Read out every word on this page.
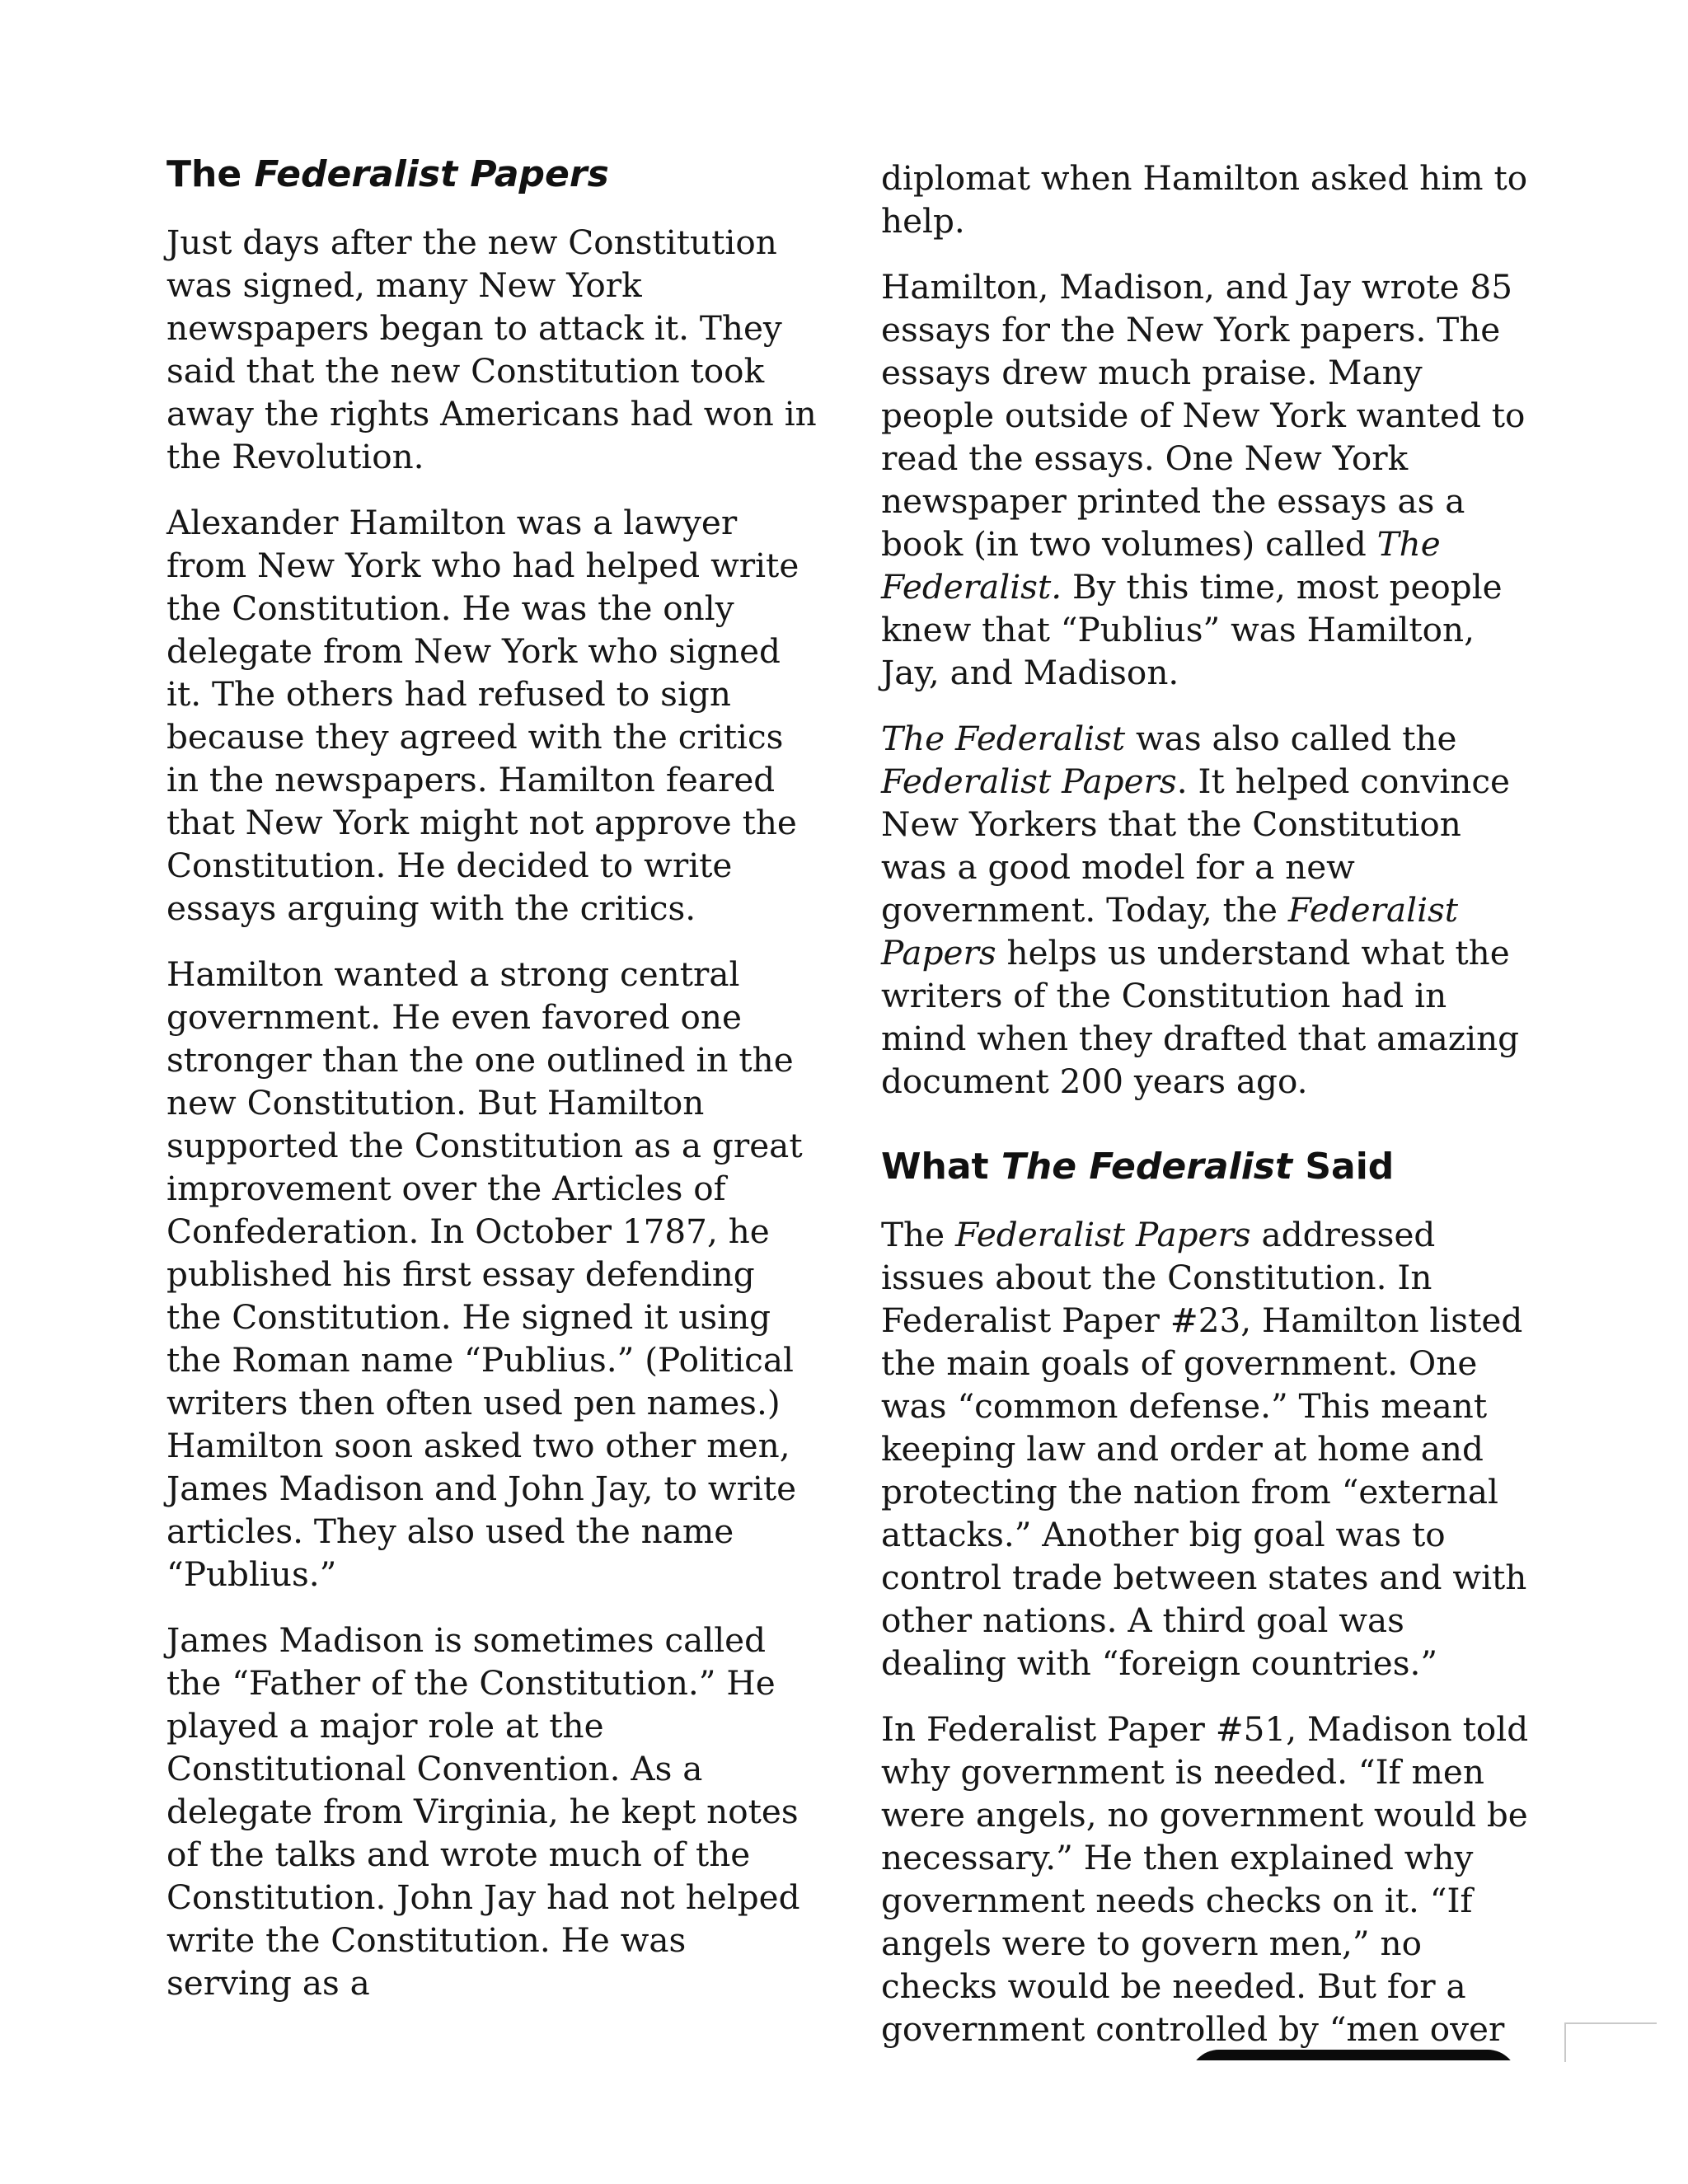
The Federalist Papers

Just days after the new Constitution was signed, many New York newspapers began to attack it. They said that the new Constitution took away the rights Americans had won in the Revolution.

Alexander Hamilton was a lawyer from New York who had helped write the Constitution. He was the only delegate from New York who signed it. The others had refused to sign because they agreed with the critics in the newspapers. Hamilton feared that New York might not approve the Constitution. He decided to write essays arguing with the critics.

Hamilton wanted a strong central government. He even favored one stronger than the one outlined in the new Constitution. But Hamilton supported the Constitution as a great improvement over the Articles of Confederation. In October 1787, he published his first essay defending the Constitution. He signed it using the Roman name “Publius.” (Political writers then often used pen names.) Hamilton soon asked two other men, James Madison and John Jay, to write articles. They also used the name “Publius.”

James Madison is sometimes called the “Father of the Constitution.” He played a major role at the Constitutional Convention. As a delegate from Virginia, he kept notes of the talks and wrote much of the Constitution. John Jay had not helped write the Constitution. He was serving as a

diplomat when Hamilton asked him to help.

Hamilton, Madison, and Jay wrote 85 essays for the New York papers. The essays drew much praise. Many people outside of New York wanted to read the essays. One New York newspaper printed the essays as a book (in two volumes) called The Federalist. By this time, most people knew that “Publius” was Hamilton, Jay, and Madison.

The Federalist was also called the Federalist Papers. It helped convince New Yorkers that the Constitution was a good model for a new government. Today, the Federalist Papers helps us understand what the writers of the Constitution had in mind when they drafted that amazing document 200 years ago.

What The Federalist Said

The Federalist Papers addressed issues about the Constitution. In Federalist Paper #23, Hamilton listed the main goals of government. One was “common defense.” This meant keeping law and order at home and protecting the nation from “external attacks.” Another big goal was to control trade between states and with other nations. A third goal was dealing with “foreign countries.”

In Federalist Paper #51, Madison told why government is needed. “If men were angels, no government would be necessary.” He then explained why government needs checks on it. “If angels were to govern men,” no checks would be needed. But for a government controlled by “men over
